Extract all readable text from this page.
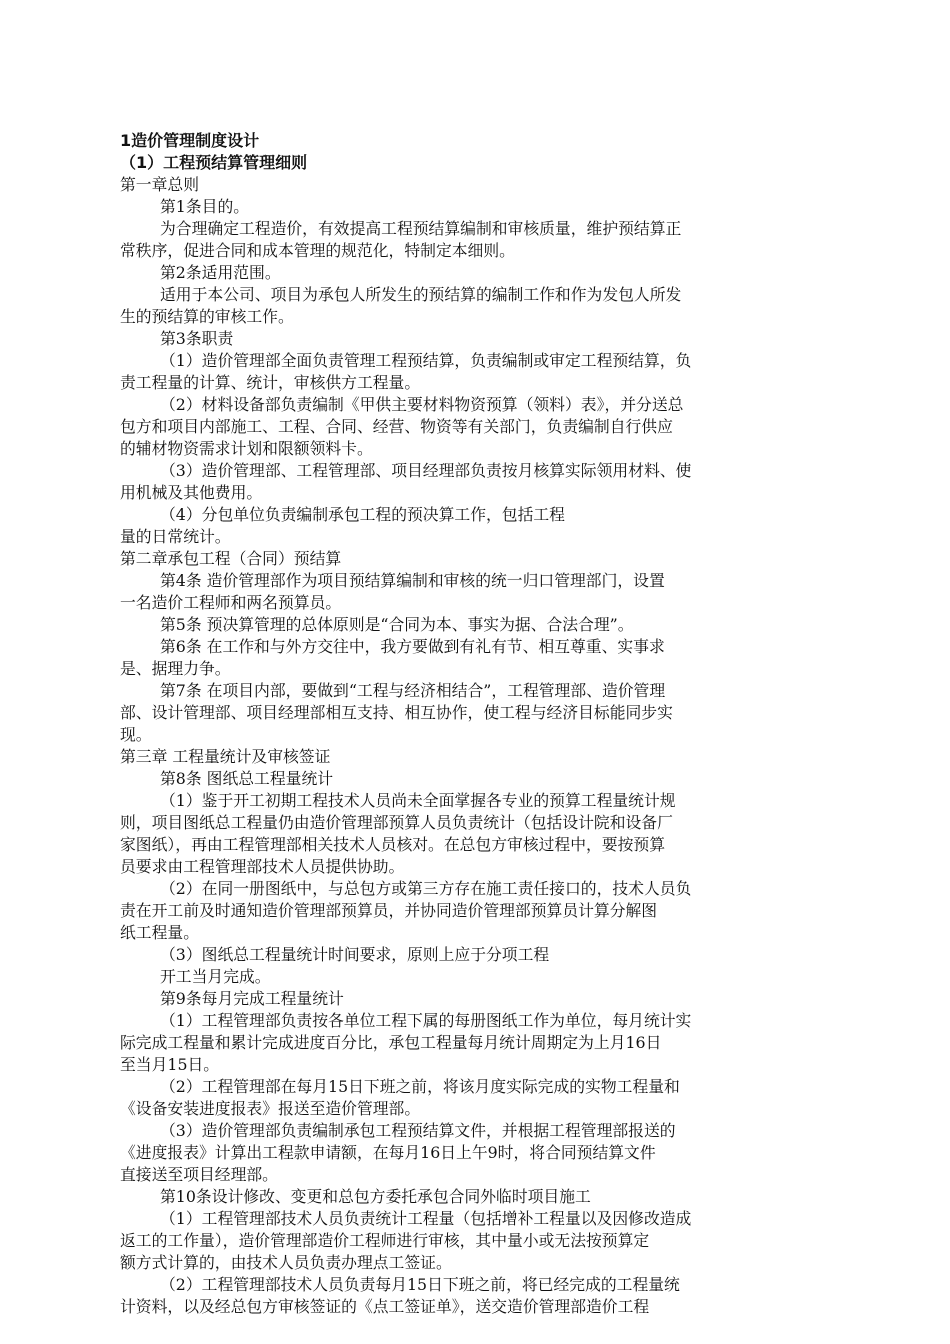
1造价管理制度设计
（1）工程预结算管理细则
第一章总则
第1条目的。
为合理确定工程造价，有效提高工程预结算编制和审核质量，维护预结算正
常秩序，促进合同和成本管理的规范化，特制定本细则。
第2条适用范围。
适用于本公司、项目为承包人所发生的预结算的编制工作和作为发包人所发
生的预结算的审核工作。
第3条职责
（1）造价管理部全面负责管理工程预结算，负责编制或审定工程预结算，负
责工程量的计算、统计，审核供方工程量。
（2）材料设备部负责编制《甲供主要材料物资预算（领料）表》，并分送总
包方和项目内部施工、工程、合同、经营、物资等有关部门，负责编制自行供应
的辅材物资需求计划和限额领料卡。
（3）造价管理部、工程管理部、项目经理部负责按月核算实际领用材料、使
用机械及其他费用。
（4）分包单位负责编制承包工程的预决算工作，包括工程
量的日常统计。
第二章承包工程（合同）预结算
第4条 造价管理部作为项目预结算编制和审核的统一归口管理部门，设置
一名造价工程师和两名预算员。
第5条 预决算管理的总体原则是“合同为本、事实为据、合法合理”。
第6条 在工作和与外方交往中，我方要做到有礼有节、相互尊重、实事求
是、据理力争。
第7条 在项目内部，要做到“工程与经济相结合”，工程管理部、造价管理
部、设计管理部、项目经理部相互支持、相互协作，使工程与经济目标能同步实
现。
第三章 工程量统计及审核签证
第8条 图纸总工程量统计
（1）鉴于开工初期工程技术人员尚未全面掌握各专业的预算工程量统计规
则，项目图纸总工程量仍由造价管理部预算人员负责统计（包括设计院和设备厂
家图纸），再由工程管理部相关技术人员核对。在总包方审核过程中，要按预算
员要求由工程管理部技术人员提供协助。
（2）在同一册图纸中，与总包方或第三方存在施工责任接口的，技术人员负
责在开工前及时通知造价管理部预算员，并协同造价管理部预算员计算分解图
纸工程量。
（3）图纸总工程量统计时间要求，原则上应于分项工程
开工当月完成。
第9条每月完成工程量统计
（1）工程管理部负责按各单位工程下属的每册图纸工作为单位，每月统计实
际完成工程量和累计完成进度百分比，承包工程量每月统计周期定为上月16日
至当月15日。
（2）工程管理部在每月15日下班之前，将该月度实际完成的实物工程量和
《设备安装进度报表》报送至造价管理部。
（3）造价管理部负责编制承包工程预结算文件，并根据工程管理部报送的
《进度报表》计算出工程款申请额，在每月16日上午9时，将合同预结算文件
直接送至项目经理部。
第10条设计修改、变更和总包方委托承包合同外临时项目施工
（1）工程管理部技术人员负责统计工程量（包括增补工程量以及因修改造成
返工的工作量），造价管理部造价工程师进行审核，其中量小或无法按预算定
额方式计算的，由技术人员负责办理点工签证。
（2）工程管理部技术人员负责每月15日下班之前，将已经完成的工程量统
计资料，以及经总包方审核签证的《点工签证单》，送交造价管理部造价工程
